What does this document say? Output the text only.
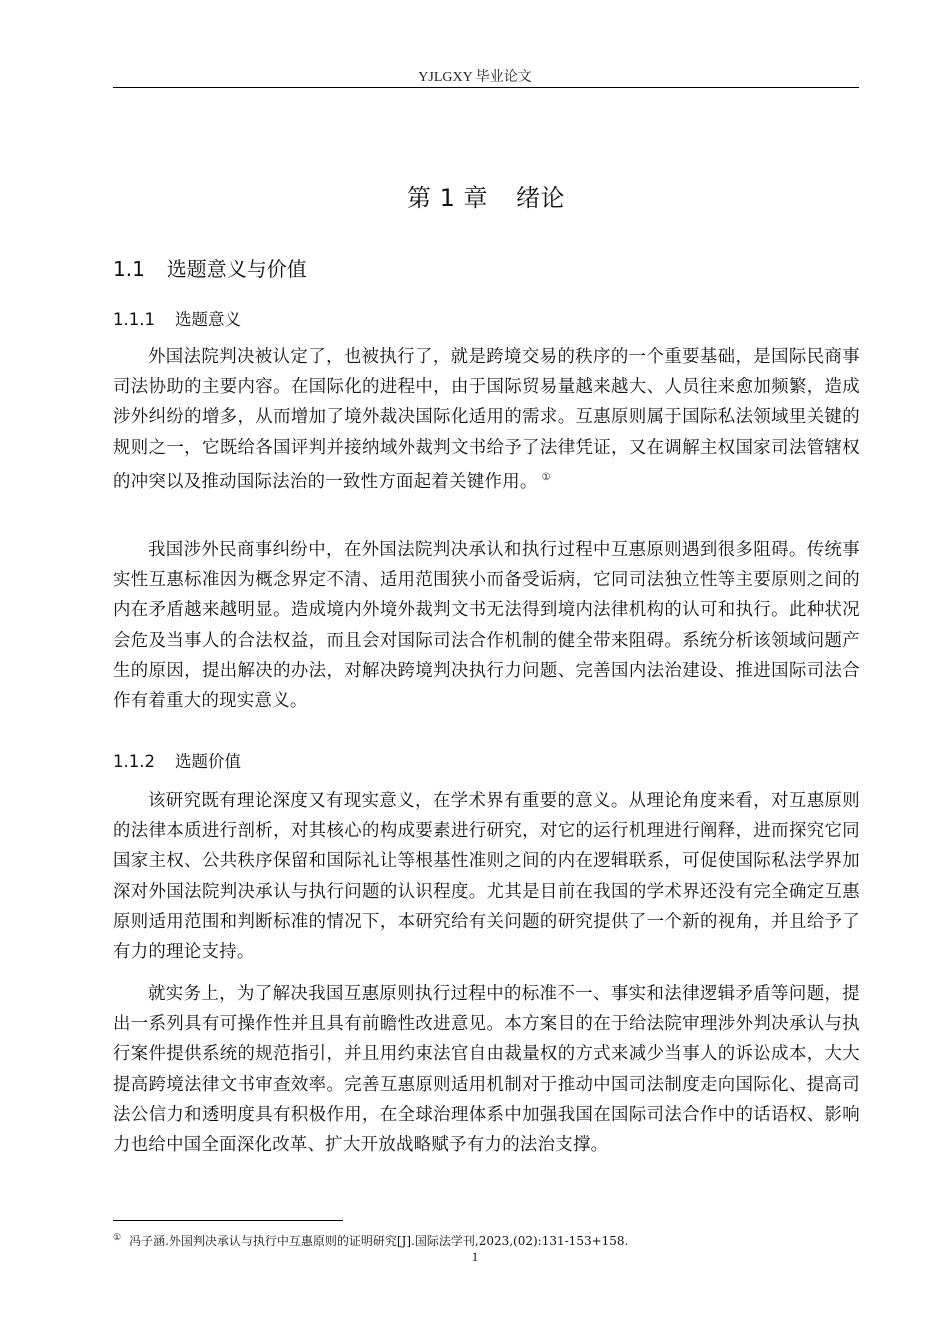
YJLGXY 毕业论文
第 1 章 绪论
1.1 选题意义与价值
1.1.1 选题意义

外国法院判决被认定了，也被执行了，就是跨境交易的秩序的一个重要基础，是国际民商事司法协助的主要内容。在国际化的进程中，由于国际贸易量越来越大、人员往来愈加频繁，造成涉外纠纷的增多，从而增加了境外裁决国际化适用的需求。互惠原则属于国际私法领域里关键的规则之一，它既给各国评判并接纳域外裁判文书给予了法律凭证，又在调解主权国家司法管辖权的冲突以及推动国际法治的一致性方面起着关键作用。 ①

我国涉外民商事纠纷中，在外国法院判决承认和执行过程中互惠原则遇到很多阻碍。传统事实性互惠标准因为概念界定不清、适用范围狭小而备受诟病，它同司法独立性等主要原则之间的内在矛盾越来越明显。造成境内外境外裁判文书无法得到境内法律机构的认可和执行。此种状况会危及当事人的合法权益，而且会对国际司法合作机制的健全带来阻碍。系统分析该领域问题产生的原因，提出解决的办法，对解决跨境判决执行力问题、完善国内法治建设、推进国际司法合作有着重大的现实意义。

1.1.2 选题价值

该研究既有理论深度又有现实意义，在学术界有重要的意义。从理论角度来看，对互惠原则的法律本质进行剖析，对其核心的构成要素进行研究，对它的运行机理进行阐释，进而探究它同国家主权、公共秩序保留和国际礼让等根基性准则之间的内在逻辑联系，可促使国际私法学界加深对外国法院判决承认与执行问题的认识程度。尤其是目前在我国的学术界还没有完全确定互惠原则适用范围和判断标准的情况下，本研究给有关问题的研究提供了一个新的视角，并且给予了有力的理论支持。

就实务上，为了解决我国互惠原则执行过程中的标准不一、事实和法律逻辑矛盾等问题，提出一系列具有可操作性并且具有前瞻性改进意见。本方案目的在于给法院审理涉外判决承认与执行案件提供系统的规范指引，并且用约束法官自由裁量权的方式来减少当事人的诉讼成本，大大提高跨境法律文书审查效率。完善互惠原则适用机制对于推动中国司法制度走向国际化、提高司法公信力和透明度具有积极作用，在全球治理体系中加强我国在国际司法合作中的话语权、影响力也给中国全面深化改革、扩大开放战略赋予有力的法治支撑。

① 冯子涵.外国判决承认与执行中互惠原则的证明研究[J].国际法学刊,2023,(02):131-153+158.
1
